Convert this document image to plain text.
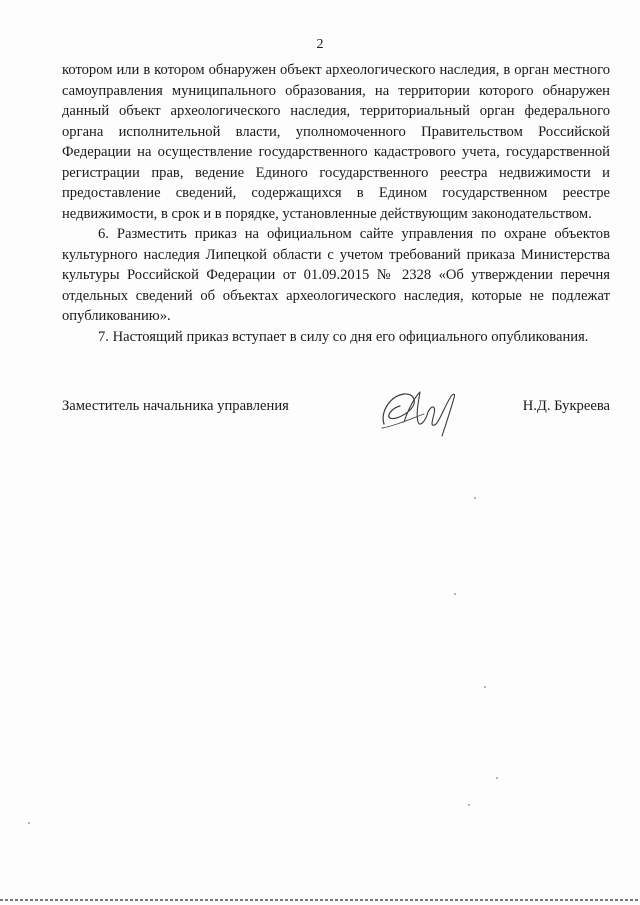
2

котором или в котором обнаружен объект археологического наследия, в орган местного самоуправления муниципального образования, на территории которого обнаружен данный объект археологического наследия, территориальный орган федерального органа исполнительной власти, уполномоченного Правительством Российской Федерации на осуществление государственного кадастрового учета, государственной регистрации прав, ведение Единого государственного реестра недвижимости и предоставление сведений, содержащихся в Едином государственном реестре недвижимости, в срок и в порядке, установленные действующим законодательством.

6. Разместить приказ на официальном сайте управления по охране объектов культурного наследия Липецкой области с учетом требований приказа Министерства культуры Российской Федерации от 01.09.2015 № 2328 «Об утверждении перечня отдельных сведений об объектах археологического наследия, которые не подлежат опубликованию».

7. Настоящий приказ вступает в силу со дня его официального опубликования.

Заместитель начальника управления	Н.Д. Букреева
